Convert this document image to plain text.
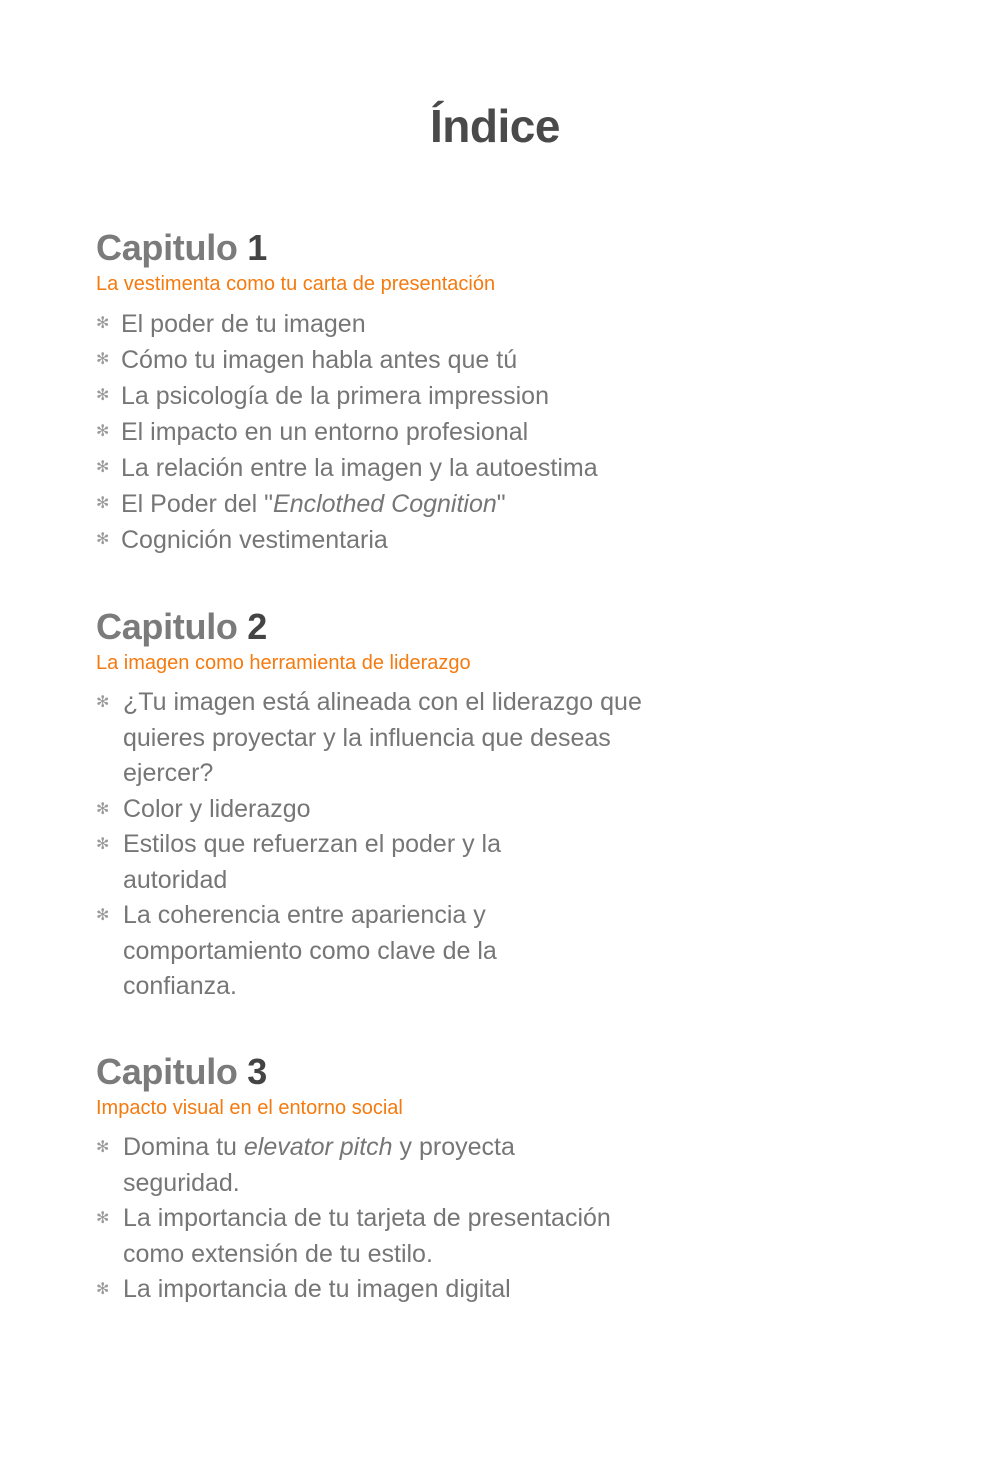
Índice
Capitulo 1

La vestimenta como tu carta de presentación

✻ El poder de tu imagen
✻ Cómo tu imagen habla antes que tú
✻ La psicología de la primera impression
✻ El impacto en un entorno profesional
✻ La relación entre la imagen y la autoestima
✻ El Poder del "Enclothed Cognition"
✻ Cognición vestimentaria
Capitulo 2

La imagen como herramienta de liderazgo

✻ ¿Tu imagen está alineada con el liderazgo que quieres proyectar y la influencia que deseas ejercer?
✻ Color y liderazgo
✻ Estilos que refuerzan el poder y la autoridad
✻ La coherencia entre apariencia y comportamiento como clave de la confianza.
Capitulo 3

Impacto visual en el entorno social

✻ Domina tu elevator pitch y proyecta seguridad.
✻ La importancia de tu tarjeta de presentación como extensión de tu estilo.
✻ La importancia de tu imagen digital
